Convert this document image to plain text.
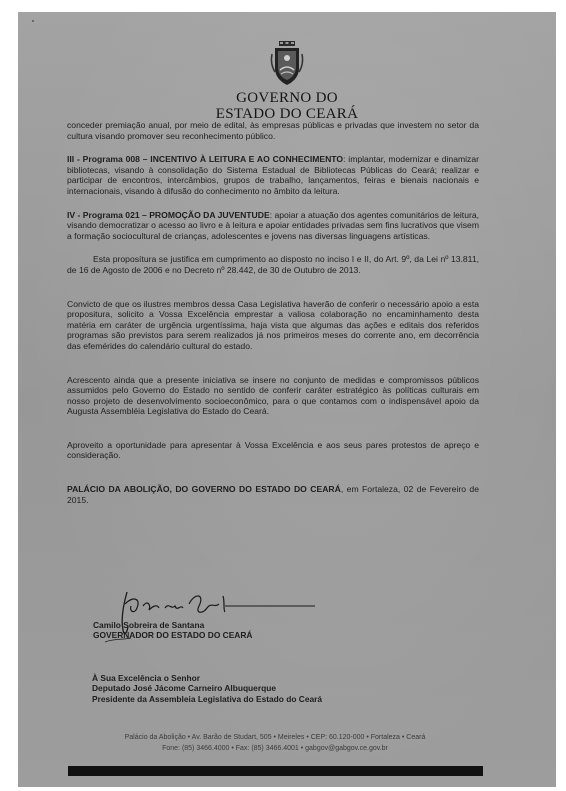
GOVERNO DO
ESTADO DO CEARÁ

conceder premiação anual, por meio de edital, às empresas públicas e privadas que investem no setor da cultura visando promover seu reconhecimento público.

III - Programa 008 – INCENTIVO À LEITURA E AO CONHECIMENTO: implantar, modernizar e dinamizar bibliotecas, visando à consolidação do Sistema Estadual de Bibliotecas Públicas do Ceará; realizar e participar de encontros, intercâmbios, grupos de trabalho, lançamentos, feiras e bienais nacionais e internacionais, visando à difusão do conhecimento no âmbito da leitura.

IV - Programa 021 – PROMOÇÃO DA JUVENTUDE: apoiar a atuação dos agentes comunitários de leitura, visando democratizar o acesso ao livro e à leitura e apoiar entidades privadas sem fins lucrativos que visem a formação sociocultural de crianças, adolescentes e jovens nas diversas linguagens artísticas.

Esta proposítura se justifica em cumprimento ao disposto no inciso I e II, do Art. 9º, da Lei nº 13.811, de 16 de Agosto de 2006 e no Decreto nº 28.442, de 30 de Outubro de 2013.

Convicto de que os ilustres membros dessa Casa Legislativa haverão de conferir o necessário apoio a esta propositura, solicito a Vossa Excelência emprestar a valiosa colaboração no encaminhamento desta matéria em caráter de urgência urgentíssima, haja vista que algumas das ações e editais dos referidos programas são previstos para serem realizados já nos primeiros meses do corrente ano, em decorrência das efemérides do calendário cultural do estado.

Acrescento ainda que a presente iniciativa se insere no conjunto de medidas e compromissos públicos assumidos pelo Governo do Estado no sentido de conferir caráter estratégico às políticas culturais em nosso projeto de desenvolvimento socioeconômico, para o que contamos com o indispensável apoio da Augusta Assembléia Legislativa do Estado do Ceará.

Aproveito a oportunidade para apresentar à Vossa Excelência e aos seus pares protestos de apreço e consideração.

PALÁCIO DA ABOLIÇÃO, DO GOVERNO DO ESTADO DO CEARÁ, em Fortaleza, 02 de Fevereiro de 2015.

Camilo Sobreira de Santana
GOVERNADOR DO ESTADO DO CEARÁ
À Sua Excelência o Senhor
Deputado José Jácome Carneiro Albuquerque
Presidente da Assembleia Legislativa do Estado do Ceará
Palácio da Abolição • Av. Barão de Studart, 505 • Meireles • CEP: 60.120-000 • Fortaleza • Ceará
Fone: (85) 3466.4000 • Fax: (85) 3466.4001 • gabgov@gabgov.ce.gov.br
